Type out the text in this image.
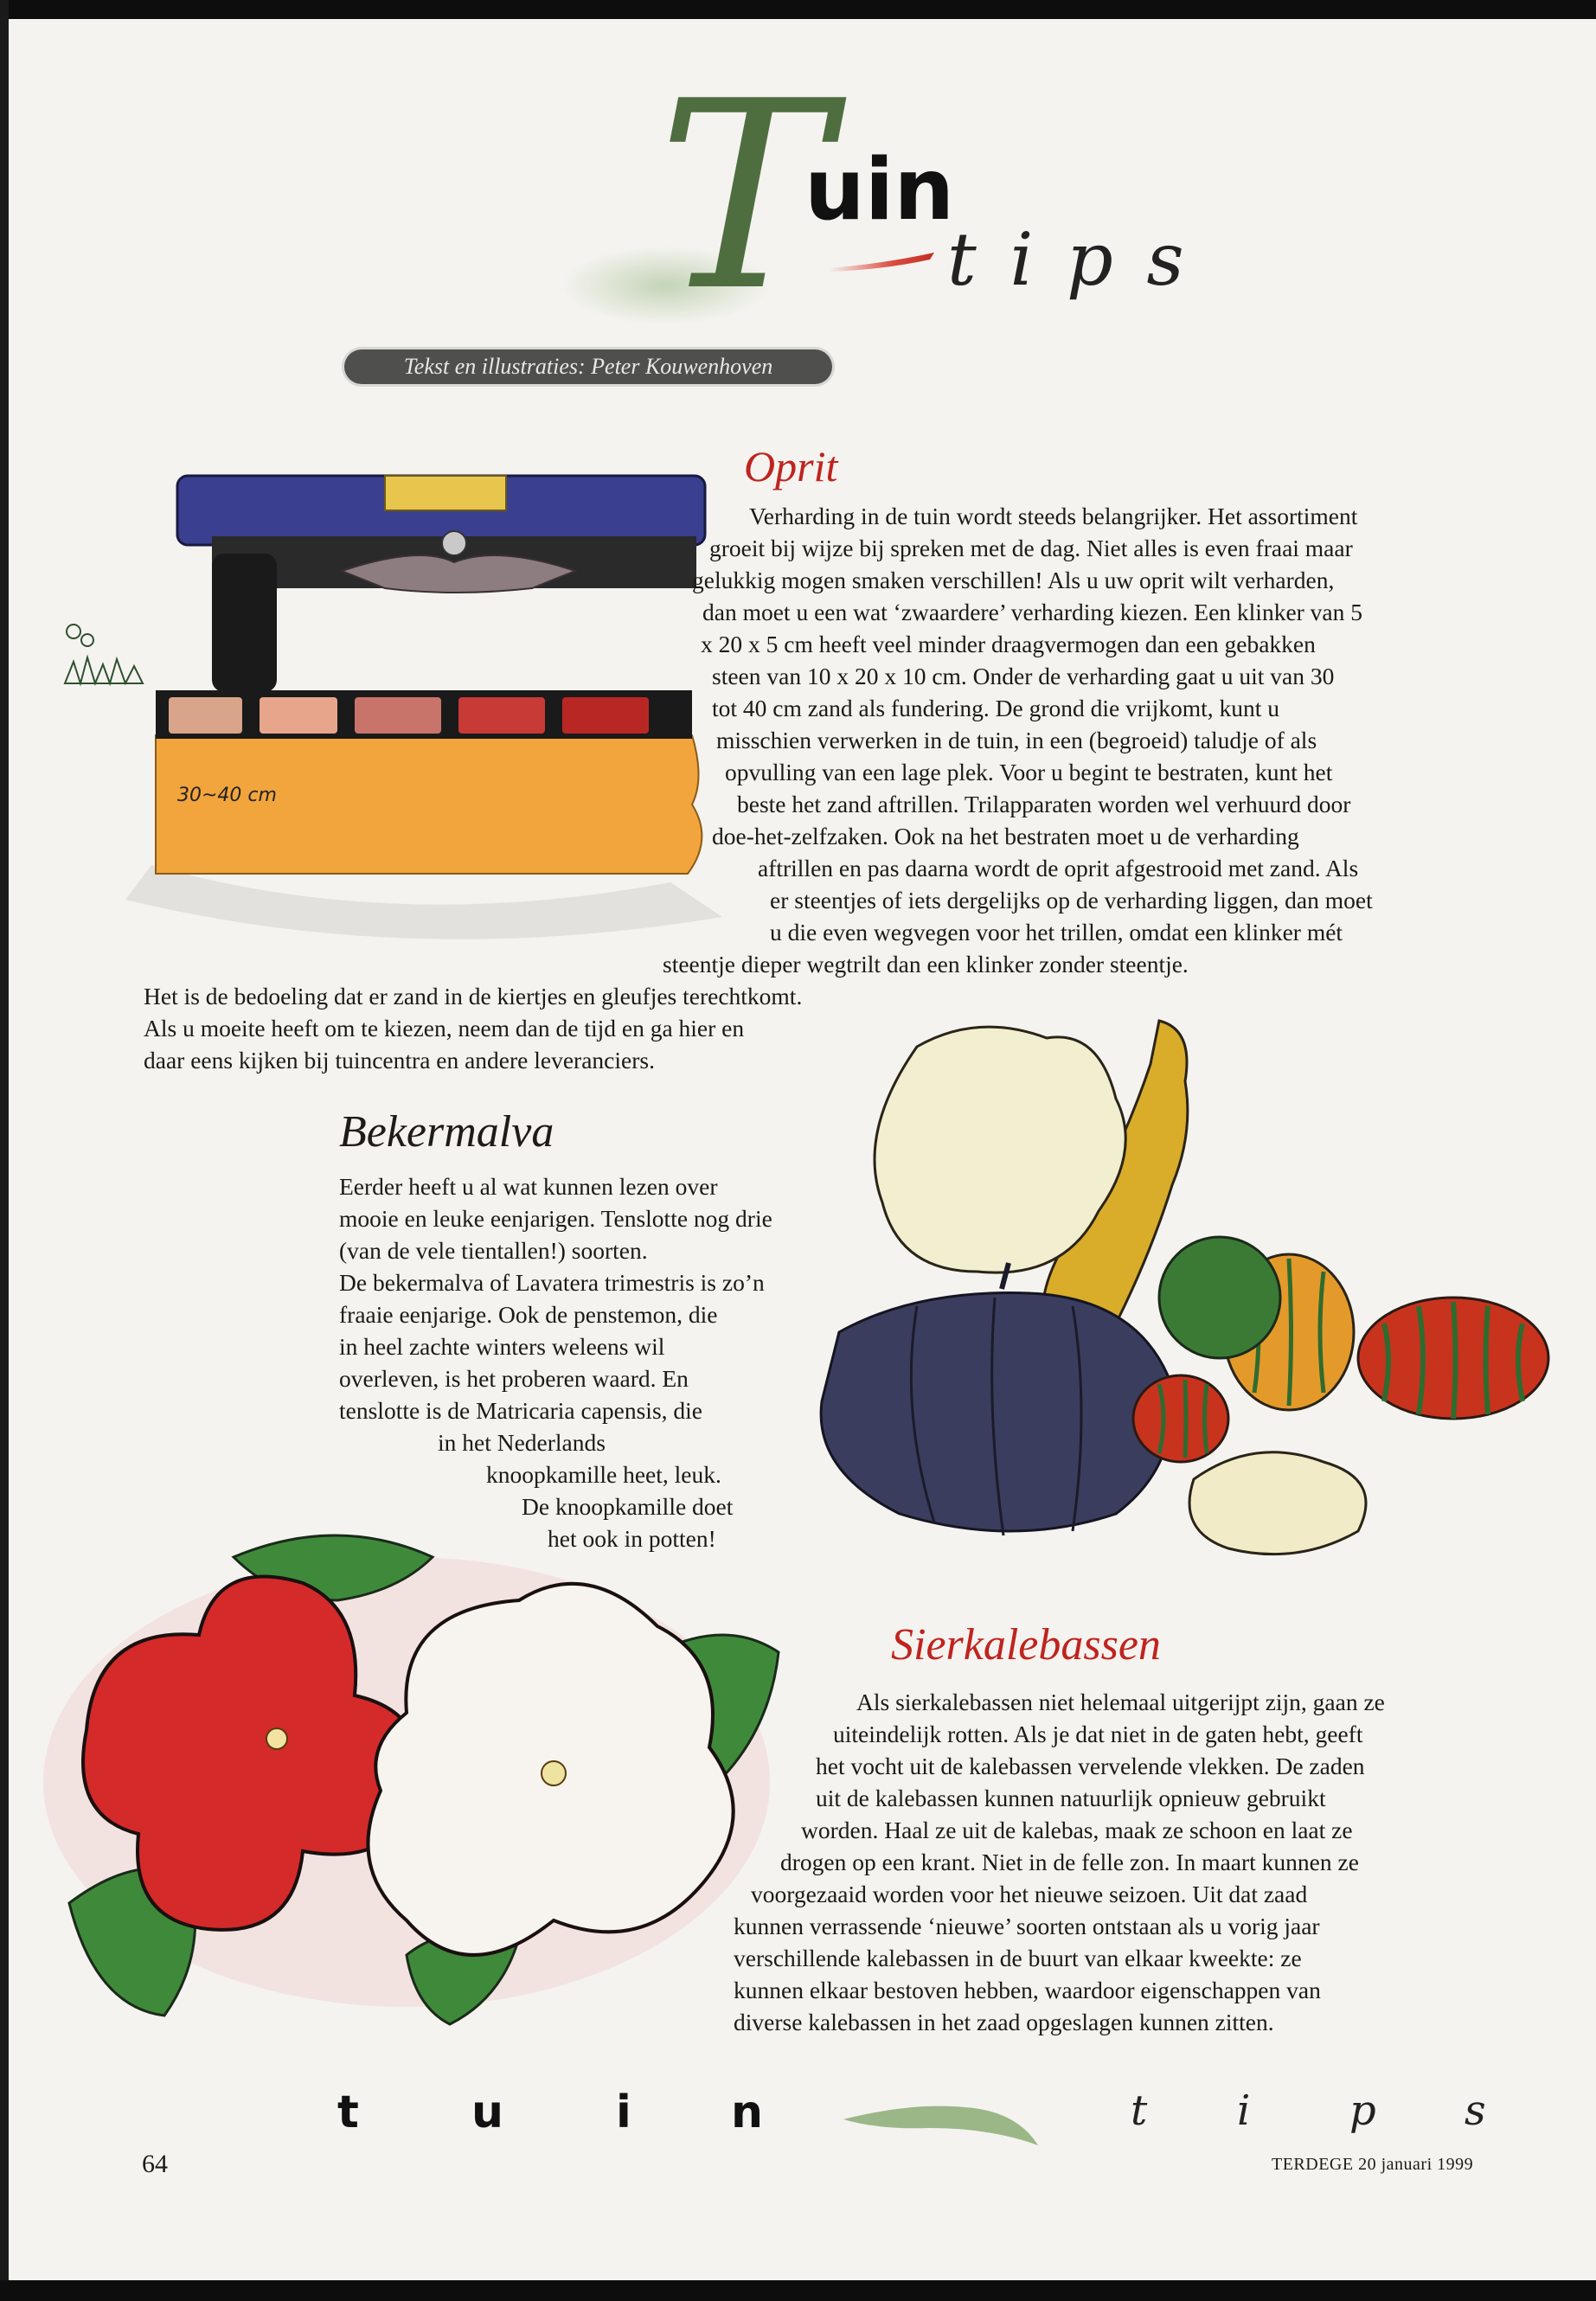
T
uin
t i p s
Tekst en illustraties: Peter Kouwenhoven
30~40 cm
Oprit
Verharding in de tuin wordt steeds belangrijker. Het assortiment
groeit bij wijze bij spreken met de dag. Niet alles is even fraai maar
gelukkig mogen smaken verschillen! Als u uw oprit wilt verharden,
dan moet u een wat ‘zwaardere’ verharding kiezen. Een klinker van 5
x 20 x 5 cm heeft veel minder draagvermogen dan een gebakken
steen van 10 x 20 x 10 cm. Onder de verharding gaat u uit van 30
tot 40 cm zand als fundering. De grond die vrijkomt, kunt u
misschien verwerken in de tuin, in een (begroeid) taludje of als
opvulling van een lage plek. Voor u begint te bestraten, kunt het
beste het zand aftrillen. Trilapparaten worden wel verhuurd door
doe-het-zelfzaken. Ook na het bestraten moet u de verharding
aftrillen en pas daarna wordt de oprit afgestrooid met zand. Als
er steentjes of iets dergelijks op de verharding liggen, dan moet
u die even wegvegen voor het trillen, omdat een klinker mét
steentje dieper wegtrilt dan een klinker zonder steentje.
Het is de bedoeling dat er zand in de kiertjes en gleufjes terechtkomt.
Als u moeite heeft om te kiezen, neem dan de tijd en ga hier en
daar eens kijken bij tuincentra en andere leveranciers.
Bekermalva
Eerder heeft u al wat kunnen lezen over
mooie en leuke eenjarigen. Tenslotte nog drie
(van de vele tientallen!) soorten.
De bekermalva of Lavatera trimestris is zo’n
fraaie eenjarige. Ook de penstemon, die
in heel zachte winters weleens wil
overleven, is het proberen waard. En
tenslotte is de Matricaria capensis, die
in het Nederlands
knoopkamille heet, leuk.
De knoopkamille doet
het ook in potten!
Sierkalebassen
Als sierkalebassen niet helemaal uitgerijpt zijn, gaan ze
uiteindelijk rotten. Als je dat niet in de gaten hebt, geeft
het vocht uit de kalebassen vervelende vlekken. De zaden
uit de kalebassen kunnen natuurlijk opnieuw gebruikt
worden. Haal ze uit de kalebas, maak ze schoon en laat ze
drogen op een krant. Niet in de felle zon. In maart kunnen ze
voorgezaaid worden voor het nieuwe seizoen. Uit dat zaad
kunnen verrassende ‘nieuwe’ soorten ontstaan als u vorig jaar
verschillende kalebassen in de buurt van elkaar kweekte: ze
kunnen elkaar bestoven hebben, waardoor eigenschappen van
diverse kalebassen in het zaad opgeslagen kunnen zitten.
t	u i n	t i p s
64	TERDEGE 20 januari 1999
